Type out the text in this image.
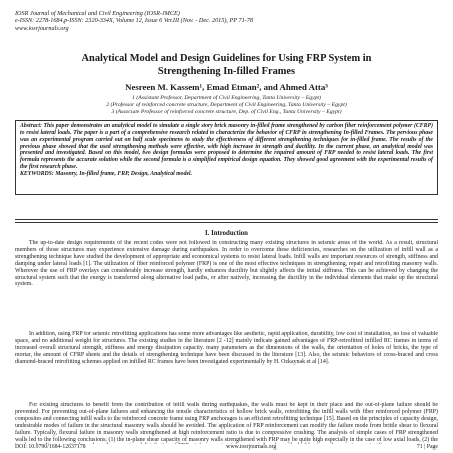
IOSR Journal of Mechanical and Civil Engineering (IOSR-JMCE)
e-ISSN: 2278-1684,p-ISSN: 2320-334X, Volume 12, Issue 6 Ver.III (Nov. - Dec. 2015), PP 71-78
www.iosrjournals.org
Analytical Model and Design Guidelines for Using FRP System in
Strengthening In-filled Frames
Nesreen M. Kassem¹, Emad Etman², and Ahmed Atta³
1 (Assistant Professor, Department of Civil Engineering, Tanta University – Egypt)
2 (Professor of reinforced concrete structure, Department of Civil Engineering, Tanta University – Egypt)
3 (Associate Professor of reinforced concrete structure, Dep. of Civil Eng., Tanta University – Egypt)
Abstract: This paper demonstrates an analytical model to simulate a single story brick masonry in-filled frame strengthened by carbon fiber reinforcement polymer (CFRP) to resist lateral loads. The paper is a part of a comprehensive research related to characterize the behavior of CFRP in strengthening In-filled Frames. The pervious phase was an experimental program carried out on half scale specimens to study the effectiveness of different strengthening techniques for in-filled frame. The results of the previous phase showed that the used strengthening methods were effective, with high increase in strength and ductility. In the current phase, an analytical model was presented and investigated. Based on this model, two design formulas were proposed to determine the required amount of FRP needed to resist lateral loads. The first formula represents the accurate solution while the second formula is a simplified empirical design equation. They showed good agreement with the experimental results of the first research phase.
KEYWORDS: Masonry, In-filled frame, FRP, Design, Analytical model.
I. Introduction

The up-to-date design requirements of the recent codes were not followed in constructing many existing structures in seismic areas of the world. As a result, structural members of those structures may experience extensive damage during earthquakes. In order to overcome these deficiencies, researches on the utilization of infill wall as a strengthening technique have studied the development of appropriate and economical systems to resist lateral loads. Infill walls are important resources of strength, stiffness and damping under lateral loads [1]. The utilization of fiber reinforced polymer (FRP) is one of the most effective techniques in strengthening, repair and retrofitting masonry walls. Wherever the use of FRP overlays can considerably increase strength, hardly enhances ductility but slightly affects the initial stiffness. This can be achieved by changing the structural system such that the energy is transferred along alternative load paths, or after natively, increasing the ductility in the individual elements that make up the structural system.

In addition, using FRP for seismic retrofitting applications has some more advantages like aesthetic, rapid application, durability, low cost of installation, no loss of valuable space, and no additional weight for structures. The existing studies in the literature [2 -12] mainly indicate gained advantages of FRP-retrofitted infilled RC frames in terms of increased overall structural strength, stiffness and energy dissipation capacity. many parameters as the dimensions of the walls, the orientation of holes of bricks, the type of mortar, the amount of CFRP sheets and the details of strengthening technique have been discussed in the literature [13]. Also, the seismic behaviors of cross-braced and cross diamond-braced retrofitting schemes applied on infilled RC frames have been investigated experimentally by H. Ozkaynak et al [14].

For existing structures to benefit from the contribution of infill walls during earthquakes, the walls must be kept in their place and the out-of-plane failure should be prevented. For preventing out-of-plane failures and enhancing the tensile characteristics of hollow brick walls, retrofitting the infill walls with fiber reinforced polymer (FRP) composites and connecting infill walls to the reinforced concrete frame using FRP anchorages is an efficient retrofitting technique [15]. Based on the principles of capacity design, undesirable modes of failure in the structural masonry walls should be avoided. The application of FRP reinforcement can modify the failure mode from brittle shear to flexural failure. Typically, flexural failure in masonry walls strengthened at high reinforcement ratio is due to compressive crushing. The analysis of simple cases of FRP strengthened walls led to the following conclusions; (1) the in-plane shear capacity of masonry walls strengthened with FRP may be quite high especially in the case of low axial loads, (2) the

DOI: 10.9790/1684-12637178	www.iosrjournals.org	71 | Page
